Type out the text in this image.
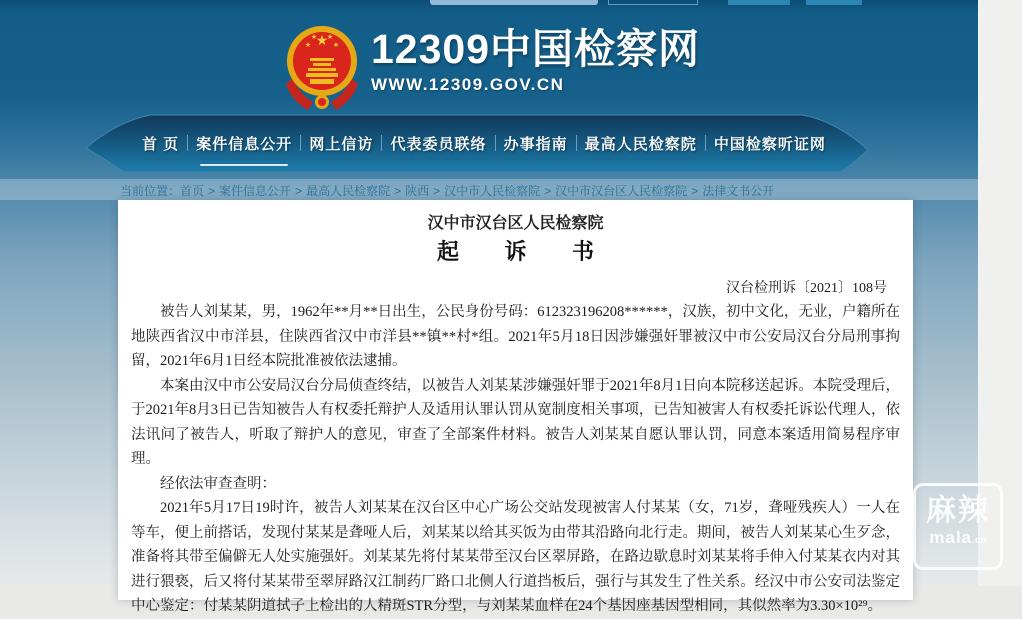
★
★
★ ★
★ 12309中国检察网
WWW.12309.GOV.CN
首 页 案件信息公开 网上信访 代表委员联络 办事指南 最高人民检察院 中国检察听证网
当前位置： 首页 > 案件信息公开 > 最高人民检察院 > 陕西 > 汉中市人民检察院 > 汉中市汉台区人民检察院 > 法律文书公开
汉中市汉台区人民检察院
起 诉 书
汉台检刑诉〔2021〕108号

被告人刘某某，男，1962年**月**日出生，公民身份号码：612323196208******，汉族，初中文化，无业，户籍所在地陕西省汉中市洋县，住陕西省汉中市洋县**镇**村*组。2021年5月18日因涉嫌强奸罪被汉中市公安局汉台分局刑事拘留，2021年6月1日经本院批准被依法逮捕。

本案由汉中市公安局汉台分局侦查终结，以被告人刘某某涉嫌强奸罪于2021年8月1日向本院移送起诉。本院受理后，于2021年8月3日已告知被告人有权委托辩护人及适用认罪认罚从宽制度相关事项，已告知被害人有权委托诉讼代理人，依法讯问了被告人，听取了辩护人的意见，审查了全部案件材料。被告人刘某某自愿认罪认罚，同意本案适用简易程序审理。

经依法审查查明：

2021年5月17日19时许，被告人刘某某在汉台区中心广场公交站发现被害人付某某（女，71岁，聋哑残疾人）一人在等车，便上前搭话，发现付某某是聋哑人后，刘某某以给其买饭为由带其沿路向北行走。期间，被告人刘某某心生歹念，准备将其带至偏僻无人处实施强奸。刘某某先将付某某带至汉台区翠屏路，在路边歇息时刘某某将手伸入付某某衣内对其进行猥亵，后又将付某某带至翠屏路汉江制药厂路口北侧人行道挡板后，强行与其发生了性关系。经汉中市公安司法鉴定中心鉴定：付某某阴道拭子上检出的人精斑STR分型，与刘某某血样在24个基因座基因型相同，其似然率为3.30×10²⁹。

麻辣
mala.cn
